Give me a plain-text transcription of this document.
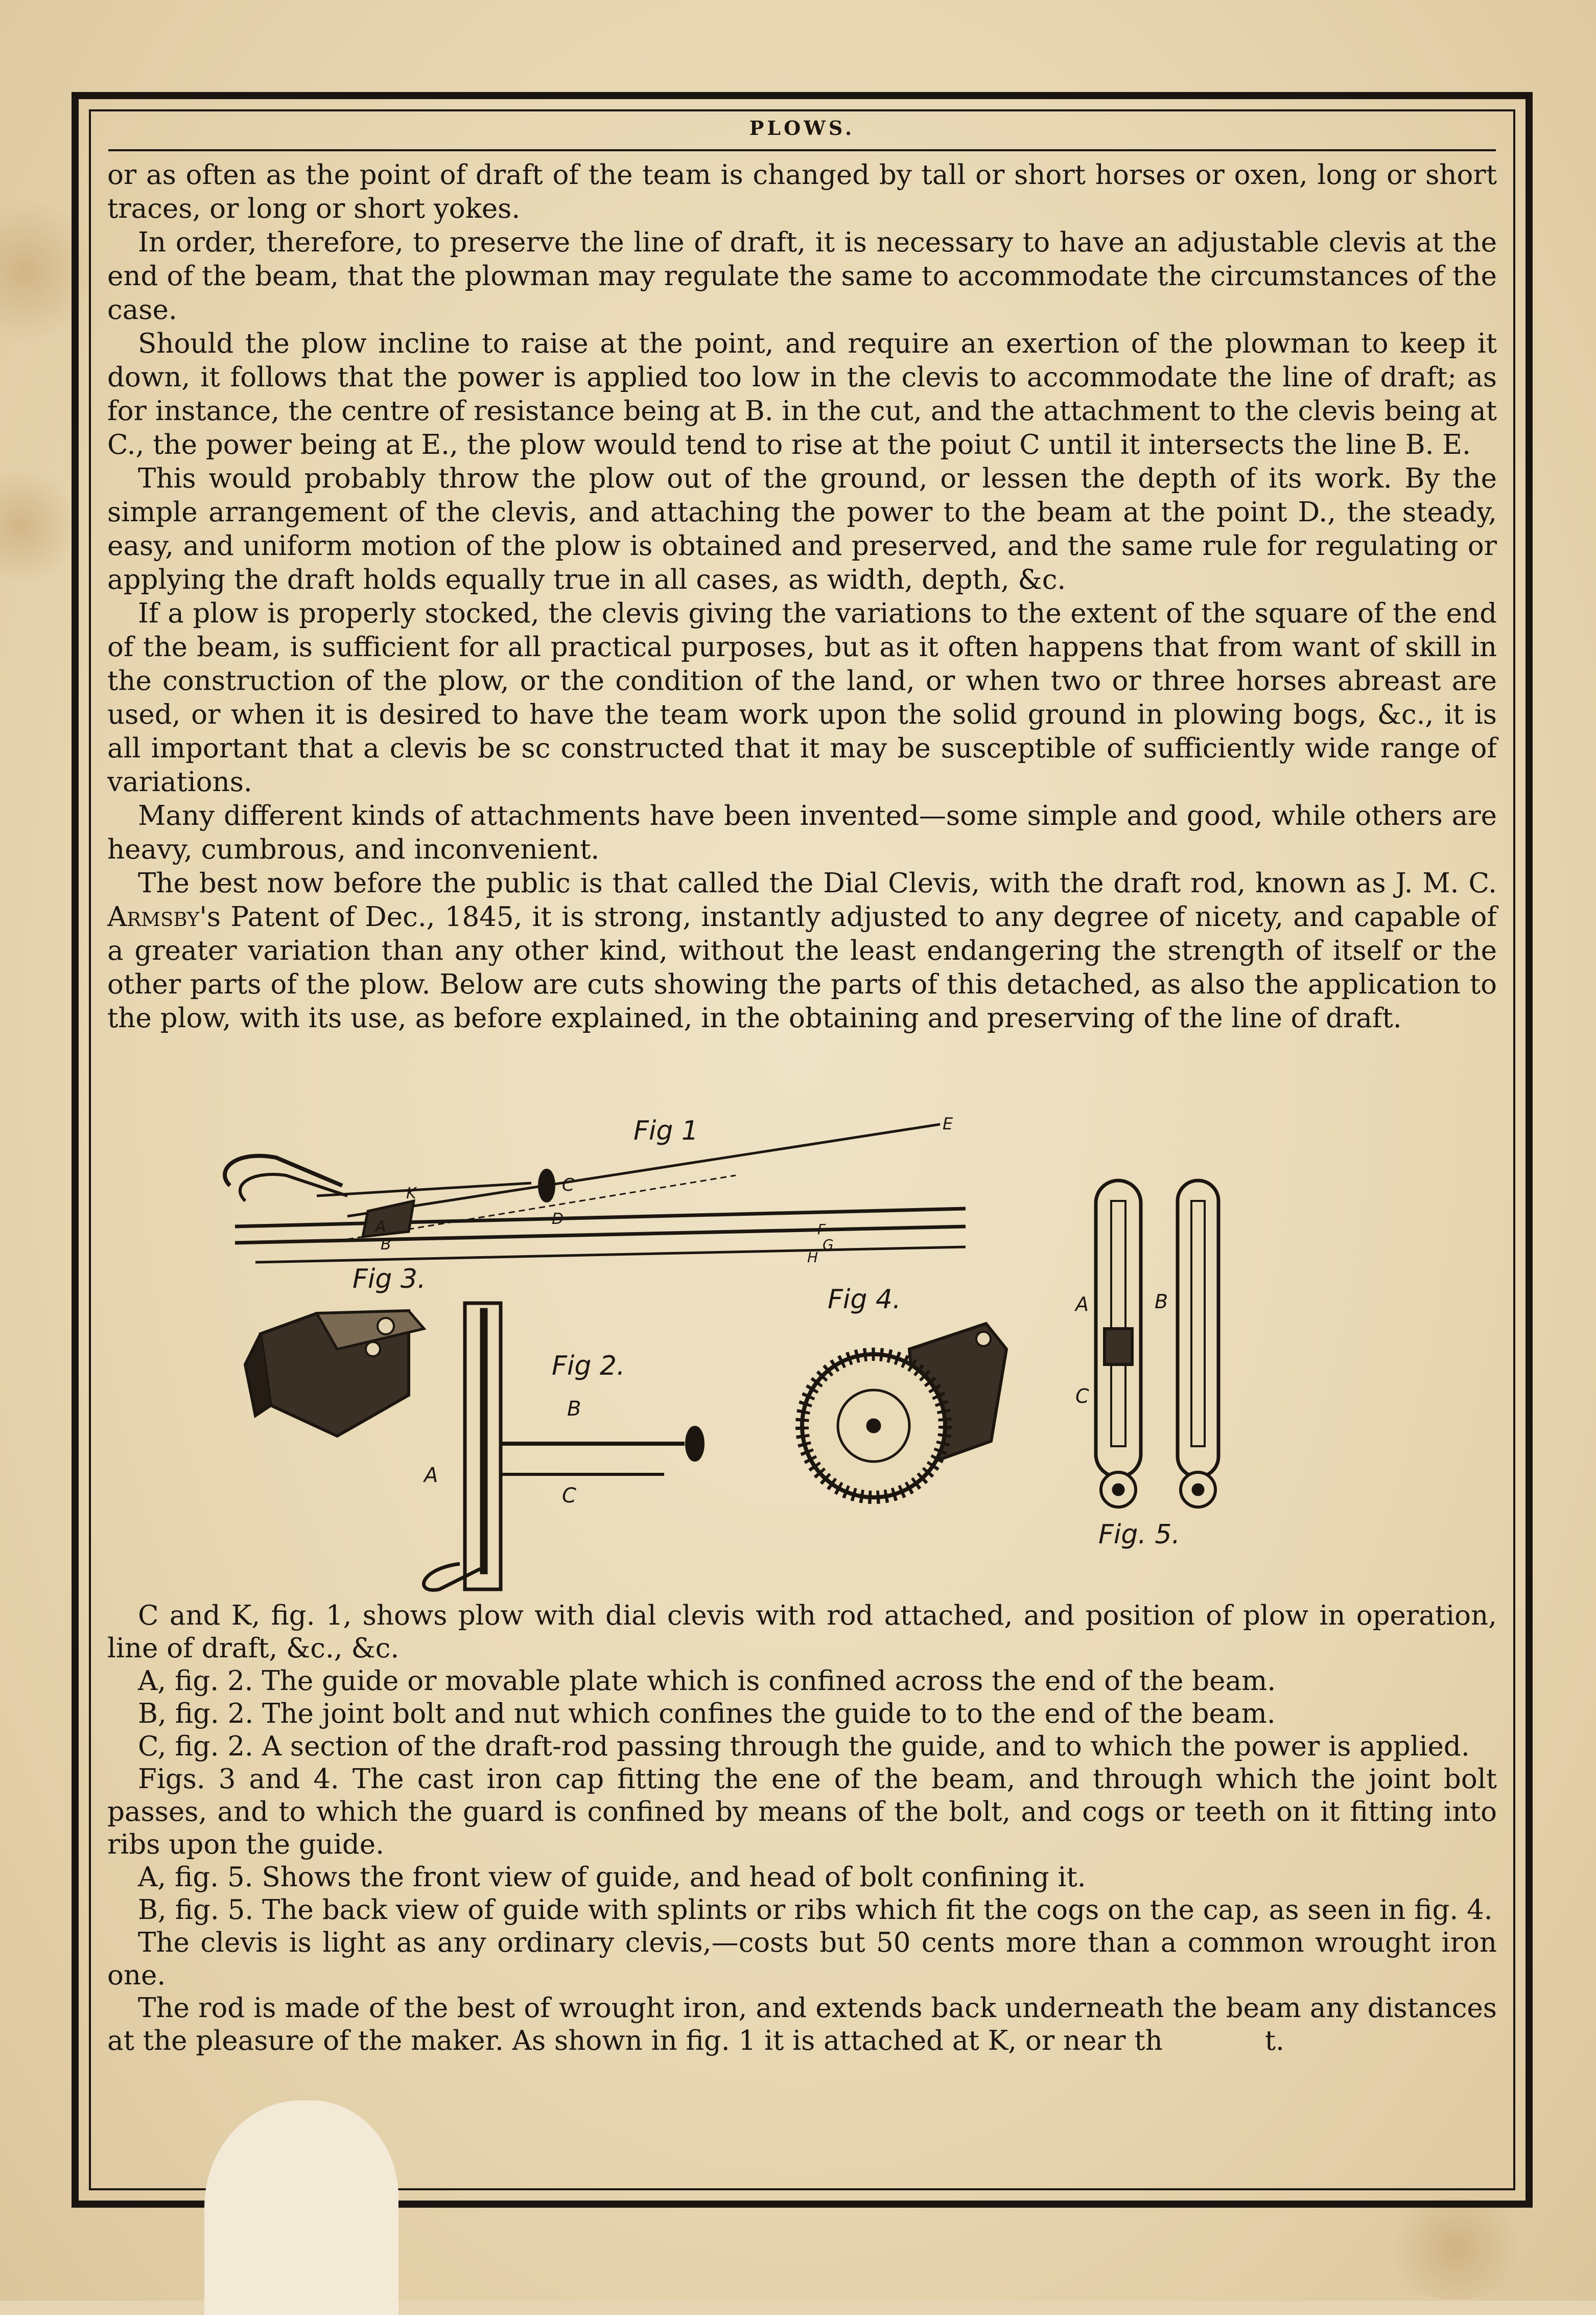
PLOWS.

or as often as the point of draft of the team is changed by tall or short horses or oxen, long or short traces, or long or short yokes.

In order, therefore, to preserve the line of draft, it is necessary to have an adjustable clevis at the end of the beam, that the plowman may regulate the same to accommodate the circumstances of the case.

Should the plow incline to raise at the point, and require an exertion of the plowman to keep it down, it follows that the power is applied too low in the clevis to accommodate the line of draft; as for instance, the centre of resistance being at B. in the cut, and the attachment to the clevis being at C., the power being at E., the plow would tend to rise at the poiut C until it intersects the line B. E.

This would probably throw the plow out of the ground, or lessen the depth of its work. By the simple arrangement of the clevis, and attaching the power to the beam at the point D., the steady, easy, and uniform motion of the plow is obtained and preserved, and the same rule for regulating or applying the draft holds equally true in all cases, as width, depth, &c.

If a plow is properly stocked, the clevis giving the variations to the extent of the square of the end of the beam, is sufficient for all practical purposes, but as it often happens that from want of skill in the construction of the plow, or the condition of the land, or when two or three horses abreast are used, or when it is desired to have the team work upon the solid ground in plowing bogs, &c., it is all important that a clevis be sc constructed that it may be susceptible of sufficiently wide range of variations.

Many different kinds of attachments have been invented—some simple and good, while others are heavy, cumbrous, and inconvenient.

The best now before the public is that called the Dial Clevis, with the draft rod, known as J. M. C. Armsby's Patent of Dec., 1845, it is strong, instantly adjusted to any degree of nicety, and capable of a greater variation than any other kind, without the least endangering the strength of itself or the other parts of the plow. Below are cuts showing the parts of this detached, as also the application to the plow, with its use, as before explained, in the obtaining and preserving of the line of draft.

Fig 1	E
K	C
D
A
B
F
G
H
Fig 3.
Fig 2.
A
B
C
Fig 4.	A	B
C
Fig. 5.

C and K, fig. 1, shows plow with dial clevis with rod attached, and position of plow in operation, line of draft, &c., &c.

A, fig. 2. The guide or movable plate which is confined across the end of the beam.

B, fig. 2. The joint bolt and nut which confines the guide to to the end of the beam.

C, fig. 2. A section of the draft-rod passing through the guide, and to which the power is applied.

Figs. 3 and 4. The cast iron cap fitting the ene of the beam, and through which the joint bolt passes, and to which the guard is confined by means of the bolt, and cogs or teeth on it fitting into ribs upon the guide.

A, fig. 5. Shows the front view of guide, and head of bolt confining it.

B, fig. 5. The back view of guide with splints or ribs which fit the cogs on the cap, as seen in fig. 4.

The clevis is light as any ordinary clevis,—costs but 50 cents more than a common wrought iron one.

The rod is made of the best of wrought iron, and extends back underneath the beam any distances at the pleasure of the maker. As shown in fig. 1 it is attached at K, or near th	t.
